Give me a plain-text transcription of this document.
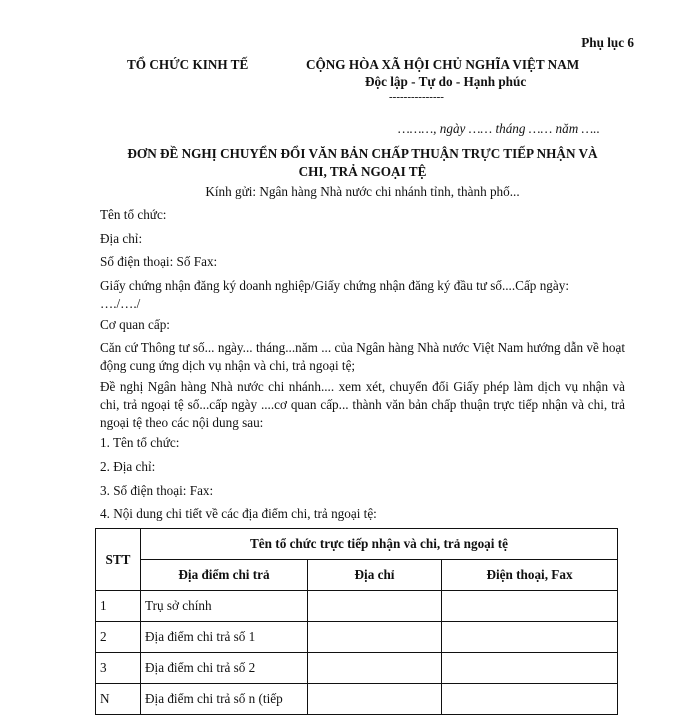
Phụ lục 6
TỔ CHỨC KINH TẾ	CỘNG HÒA XÃ HỘI CHỦ NGHĨA VIỆT NAM
Độc lập - Tự do - Hạnh phúc
---------------
………, ngày …… tháng …… năm …..
ĐƠN ĐỀ NGHỊ CHUYỂN ĐỔI VĂN BẢN CHẤP THUẬN TRỰC TIẾP NHẬN VÀ
CHI, TRẢ NGOẠI TỆ
Kính gửi: Ngân hàng Nhà nước chi nhánh tỉnh, thành phố...
Tên tổ chức:
Địa chỉ:
Số điện thoại: Số Fax:
Giấy chứng nhận đăng ký doanh nghiệp/Giấy chứng nhận đăng ký đầu tư số....Cấp ngày: …./…./
Cơ quan cấp:
Căn cứ Thông tư số... ngày... tháng...năm ... của Ngân hàng Nhà nước Việt Nam hướng dẫn về hoạt động cung ứng dịch vụ nhận và chi, trả ngoại tệ;
Đề nghị Ngân hàng Nhà nước chi nhánh.... xem xét, chuyển đổi Giấy phép làm dịch vụ nhận và chi, trả ngoại tệ số...cấp ngày ....cơ quan cấp... thành văn bản chấp thuận trực tiếp nhận và chi, trả ngoại tệ theo các nội dung sau:
1. Tên tổ chức:
2. Địa chỉ:
3. Số điện thoại: Fax:
4. Nội dung chi tiết về các địa điểm chi, trả ngoại tệ:
STT	Tên tổ chức trực tiếp nhận và chi, trả ngoại tệ		
	Địa điểm chi trả	Địa chỉ	Điện thoại, Fax
1	Trụ sở chính		
2	Địa điểm chi trả số 1		
3	Địa điểm chi trả số 2		
N	Địa điểm chi trả số n (tiếp		
